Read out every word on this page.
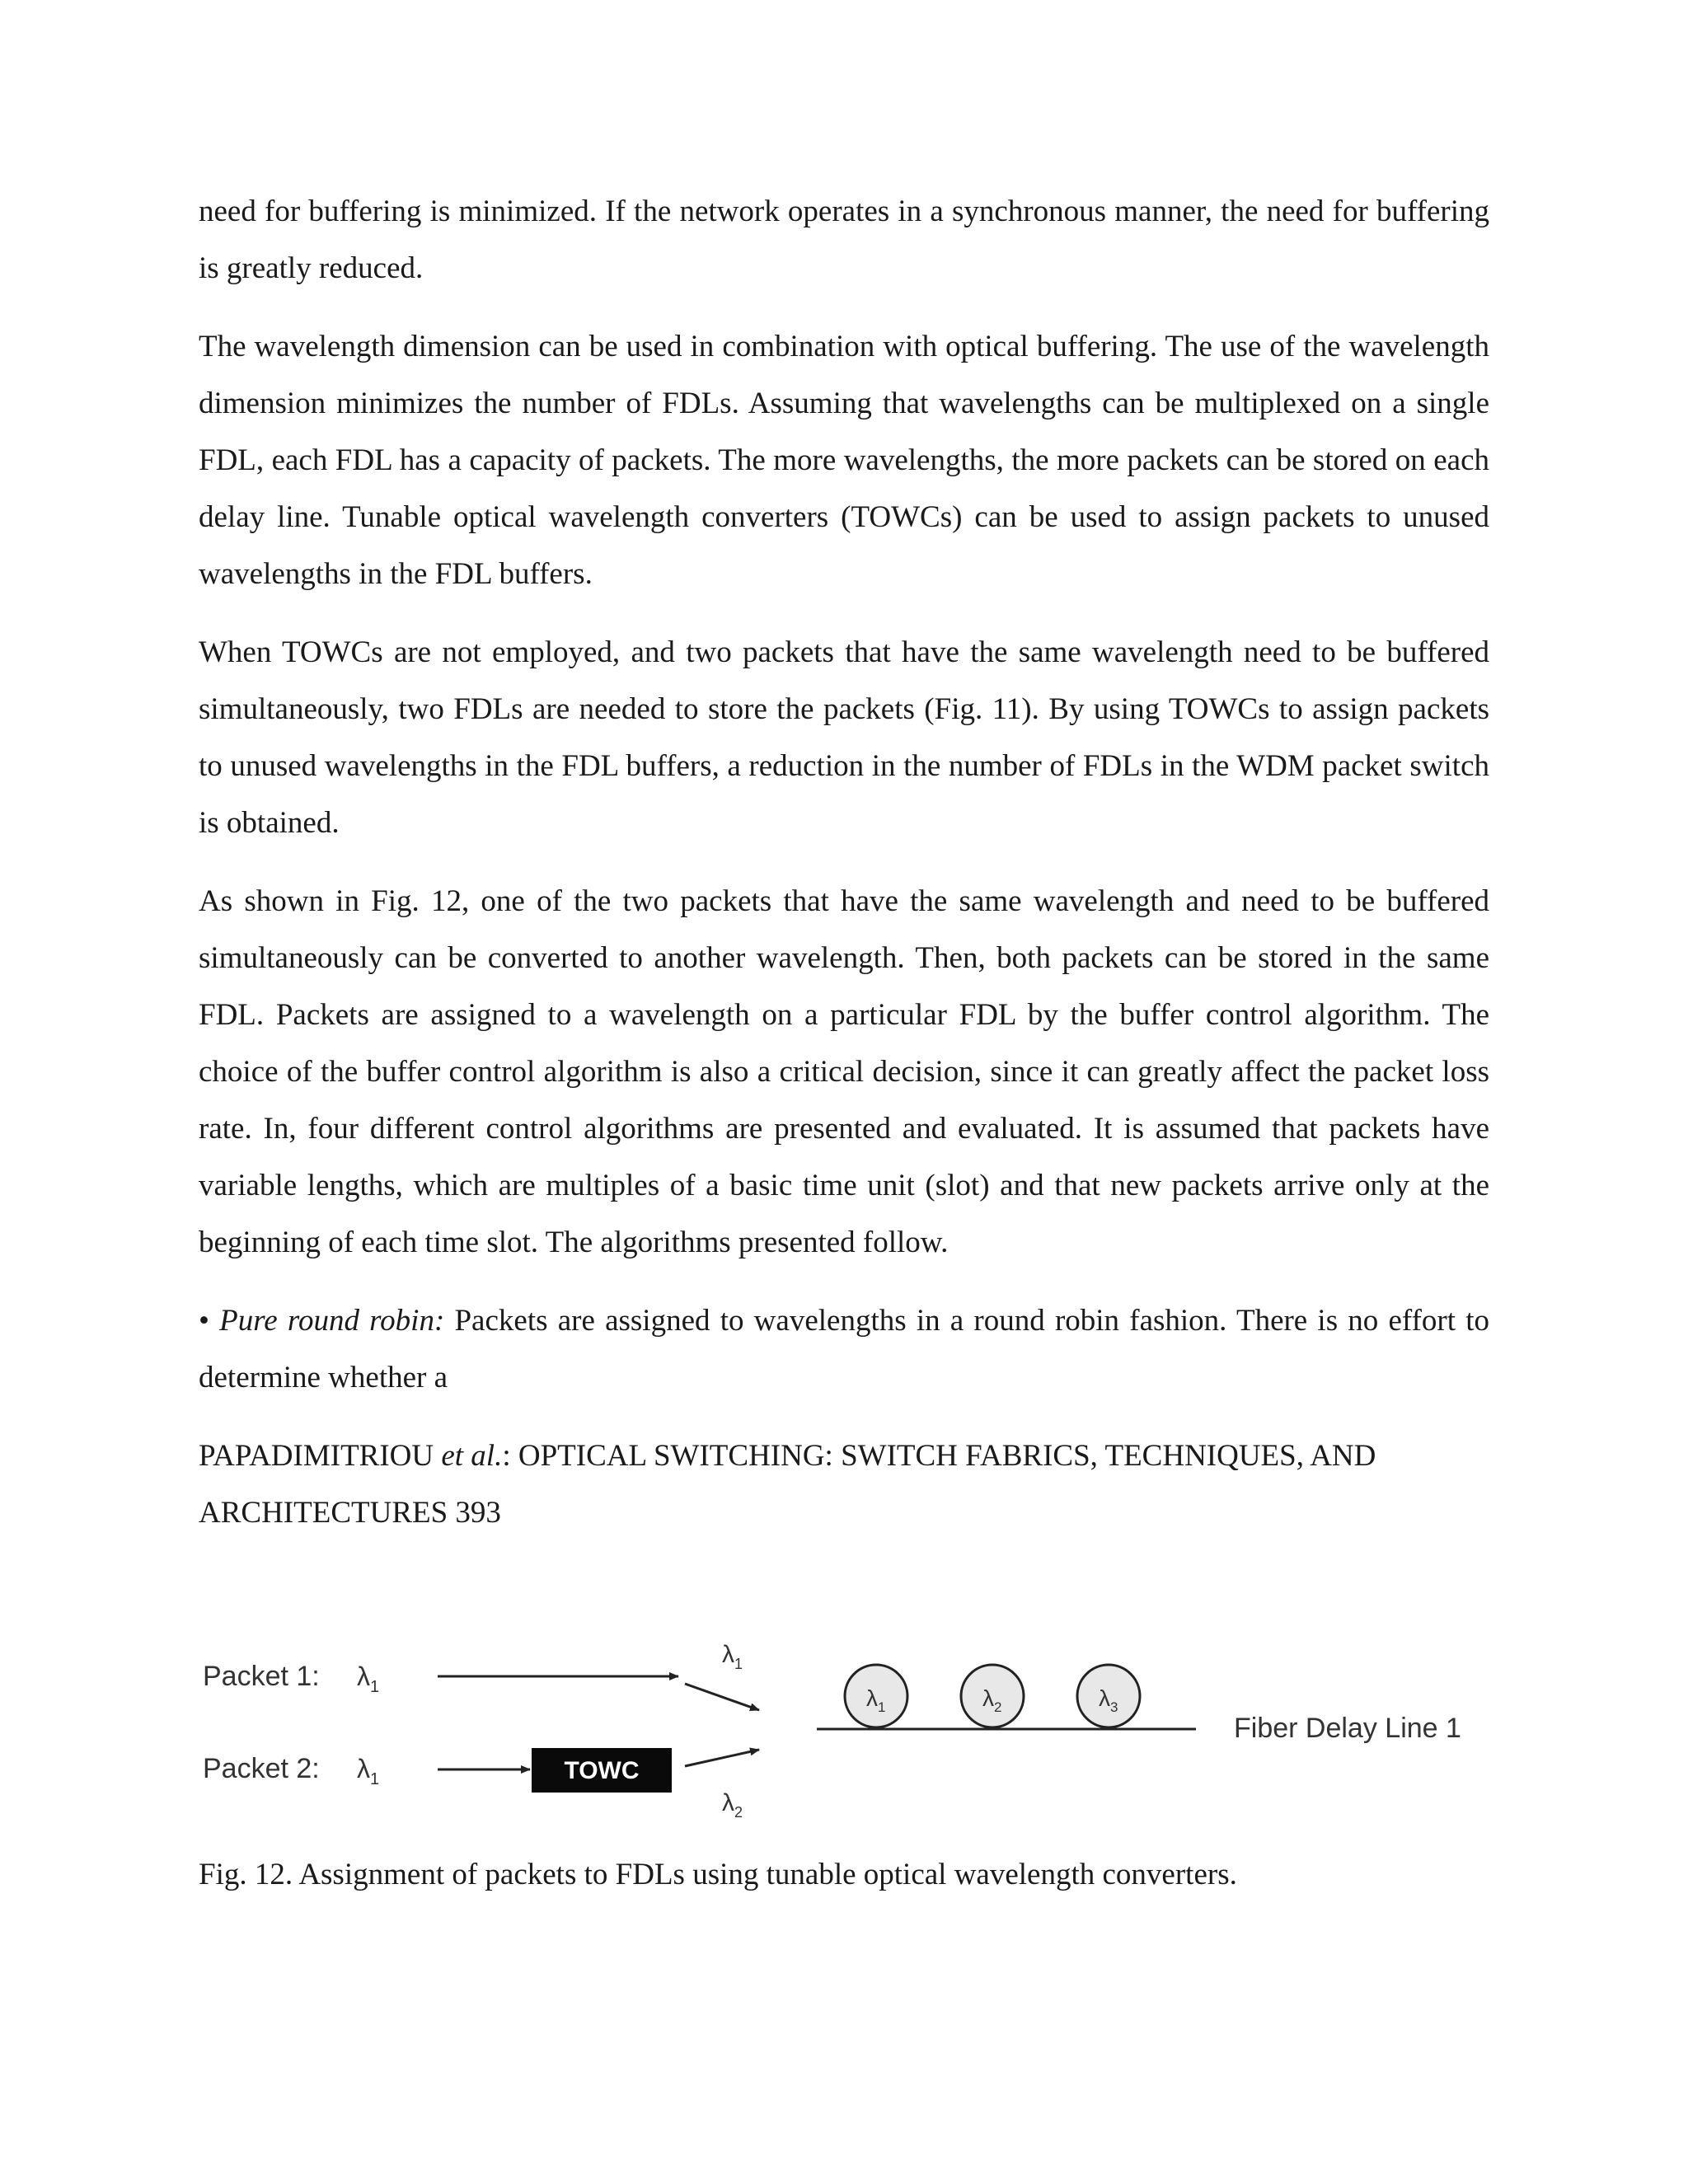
need for buffering is minimized. If the network operates in a synchronous manner, the need for buffering is greatly reduced.

The wavelength dimension can be used in combination with optical buffering. The use of the wavelength dimension minimizes the number of FDLs. Assuming that wavelengths can be multiplexed on a single FDL, each FDL has a capacity of packets. The more wavelengths, the more packets can be stored on each delay line. Tunable optical wavelength converters (TOWCs) can be used to assign packets to unused wavelengths in the FDL buffers.

When TOWCs are not employed, and two packets that have the same wavelength need to be buffered simultaneously, two FDLs are needed to store the packets (Fig. 11). By using TOWCs to assign packets to unused wavelengths in the FDL buffers, a reduction in the number of FDLs in the WDM packet switch is obtained.

As shown in Fig. 12, one of the two packets that have the same wavelength and need to be buffered simultaneously can be converted to another wavelength. Then, both packets can be stored in the same FDL. Packets are assigned to a wavelength on a particular FDL by the buffer control algorithm. The choice of the buffer control algorithm is also a critical decision, since it can greatly affect the packet loss rate. In, four different control algorithms are presented and evaluated. It is assumed that packets have variable lengths, which are multiples of a basic time unit (slot) and that new packets arrive only at the beginning of each time slot. The algorithms presented follow.

• Pure round robin: Packets are assigned to wavelengths in a round robin fashion. There is no effort to determine whether a

PAPADIMITRIOU et al.: OPTICAL SWITCHING: SWITCH FABRICS, TECHNIQUES, AND ARCHITECTURES 393

Packet 1: $\lambda_1$
Packet 2: $\lambda_1$	TOWC
$\lambda_1$
$\lambda_2$
$\lambda_1$	$\lambda_2$	$\lambda_3$
Fiber Delay Line 1
Fig. 12. Assignment of packets to FDLs using tunable optical wavelength converters.
